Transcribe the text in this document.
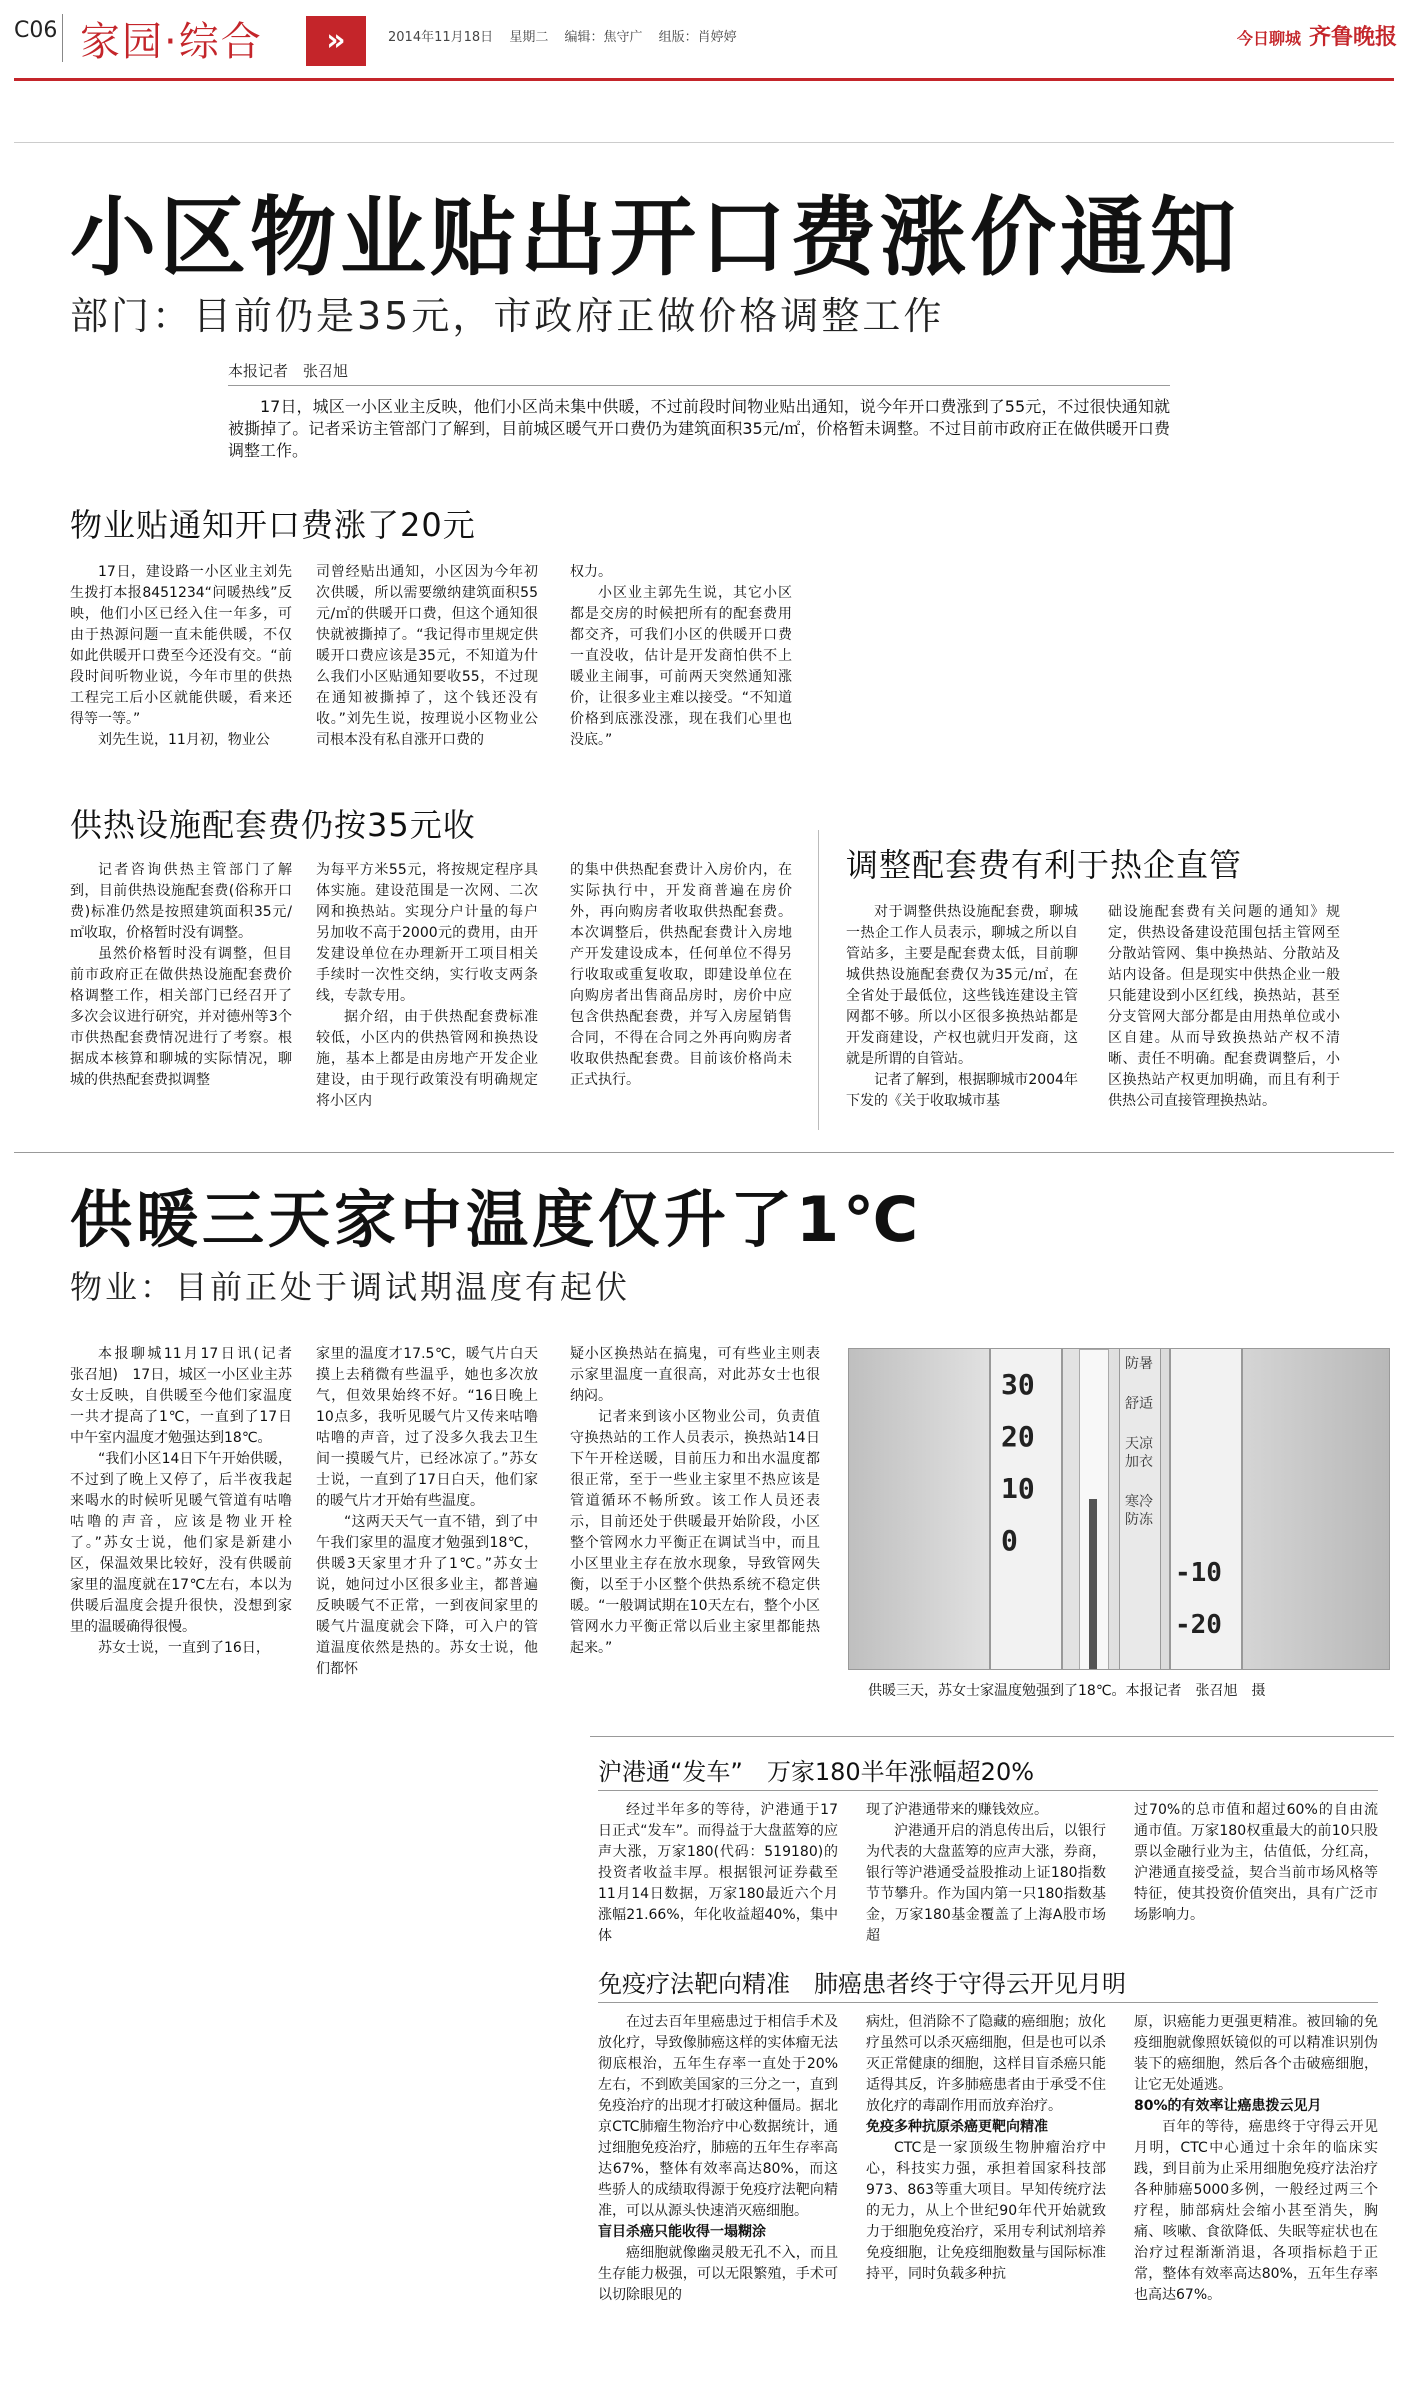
C06 家园·综合	»	2014年11月18日 星期二 编辑：焦守广 组版：肖婷婷	今日聊城 齐鲁晚报
小区物业贴出开口费涨价通知
部门：目前仍是35元，市政府正做价格调整工作
本报记者　张召旭
17日，城区一小区业主反映，他们小区尚未集中供暖，不过前段时间物业贴出通知，说今年开口费涨到了55元，不过很快通知就被撕掉了。记者采访主管部门了解到，目前城区暖气开口费仍为建筑面积35元/㎡，价格暂未调整。不过目前市政府正在做供暖开口费调整工作。
物业贴通知开口费涨了20元

17日，建设路一小区业主刘先生拨打本报8451234“问暖热线”反映，他们小区已经入住一年多，可由于热源问题一直未能供暖，不仅如此供暖开口费至今还没有交。“前段时间听物业说，今年市里的供热工程完工后小区就能供暖，看来还得等一等。”

刘先生说，11月初，物业公

司曾经贴出通知，小区因为今年初次供暖，所以需要缴纳建筑面积55元/㎡的供暖开口费，但这个通知很快就被撕掉了。“我记得市里规定供暖开口费应该是35元，不知道为什么我们小区贴通知要收55，不过现在通知被撕掉了，这个钱还没有收。”刘先生说，按理说小区物业公司根本没有私自涨开口费的

权力。

小区业主郭先生说，其它小区都是交房的时候把所有的配套费用都交齐，可我们小区的供暖开口费一直没收，估计是开发商怕供不上暖业主闹事，可前两天突然通知涨价，让很多业主难以接受。“不知道价格到底涨没涨，现在我们心里也没底。”

供热设施配套费仍按35元收

记者咨询供热主管部门了解到，目前供热设施配套费(俗称开口费)标准仍然是按照建筑面积35元/㎡收取，价格暂时没有调整。

虽然价格暂时没有调整，但目前市政府正在做供热设施配套费价格调整工作，相关部门已经召开了多次会议进行研究，并对德州等3个市供热配套费情况进行了考察。根据成本核算和聊城的实际情况，聊城的供热配套费拟调整

为每平方米55元，将按规定程序具体实施。建设范围是一次网、二次网和换热站。实现分户计量的每户另加收不高于2000元的费用，由开发建设单位在办理新开工项目相关手续时一次性交纳，实行收支两条线，专款专用。

据介绍，由于供热配套费标准较低，小区内的供热管网和换热设施，基本上都是由房地产开发企业建设，由于现行政策没有明确规定将小区内

的集中供热配套费计入房价内，在实际执行中，开发商普遍在房价外，再向购房者收取供热配套费。本次调整后，供热配套费计入房地产开发建设成本，任何单位不得另行收取或重复收取，即建设单位在向购房者出售商品房时，房价中应包含供热配套费，并写入房屋销售合同，不得在合同之外再向购房者收取供热配套费。目前该价格尚未正式执行。

调整配套费有利于热企直管

对于调整供热设施配套费，聊城一热企工作人员表示，聊城之所以自管站多，主要是配套费太低，目前聊城供热设施配套费仅为35元/㎡，在全省处于最低位，这些钱连建设主管网都不够。所以小区很多换热站都是开发商建设，产权也就归开发商，这就是所谓的自管站。

记者了解到，根据聊城市2004年下发的《关于收取城市基

础设施配套费有关问题的通知》规定，供热设备建设范围包括主管网至分散站管网、集中换热站、分散站及站内设备。但是现实中供热企业一般只能建设到小区红线，换热站，甚至分支管网大部分都是由用热单位或小区自建。从而导致换热站产权不清晰、责任不明确。配套费调整后，小区换热站产权更加明确，而且有利于供热公司直接管理换热站。

供暖三天家中温度仅升了1℃
物业：目前正处于调试期温度有起伏

本报聊城11月17日讯(记者　张召旭)　17日，城区一小区业主苏女士反映，自供暖至今他们家温度一共才提高了1℃，一直到了17日中午室内温度才勉强达到18℃。

“我们小区14日下午开始供暖，不过到了晚上又停了，后半夜我起来喝水的时候听见暖气管道有咕噜咕噜的声音，应该是物业开栓了。”苏女士说，他们家是新建小区，保温效果比较好，没有供暖前家里的温度就在17℃左右，本以为供暖后温度会提升很快，没想到家里的温暖确得很慢。

苏女士说，一直到了16日，

家里的温度才17.5℃，暖气片白天摸上去稍微有些温乎，她也多次放气，但效果始终不好。“16日晚上10点多，我听见暖气片又传来咕噜咕噜的声音，过了没多久我去卫生间一摸暖气片，已经冰凉了。”苏女士说，一直到了17日白天，他们家的暖气片才开始有些温度。

“这两天天气一直不错，到了中午我们家里的温度才勉强到18℃，供暖3天家里才升了1℃。”苏女士说，她问过小区很多业主，都普遍反映暖气不正常，一到夜间家里的暖气片温度就会下降，可入户的管道温度依然是热的。苏女士说，他们都怀

疑小区换热站在搞鬼，可有些业主则表示家里温度一直很高，对此苏女士也很纳闷。

记者来到该小区物业公司，负责值守换热站的工作人员表示，换热站14日下午开栓送暖，目前压力和出水温度都很正常，至于一些业主家里不热应该是管道循环不畅所致。该工作人员还表示，目前还处于供暖最开始阶段，小区整个管网水力平衡正在调试当中，而且小区里业主存在放水现象，导致管网失衡，以至于小区整个供热系统不稳定供暖。“一般调试期在10天左右，整个小区管网水力平衡正常以后业主家里都能热起来。”

30
20
10
0
防暑
舒适
天凉加衣
寒冷防冻
-10
-20
供暖三天，苏女士家温度勉强到了18℃。本报记者　张召旭　摄
沪港通“发车”　万家180半年涨幅超20%

经过半年多的等待，沪港通于17日正式“发车”。而得益于大盘蓝筹的应声大涨，万家180(代码：519180)的投资者收益丰厚。根据银河证券截至11月14日数据，万家180最近六个月涨幅21.66%，年化收益超40%，集中体

现了沪港通带来的赚钱效应。

沪港通开启的消息传出后，以银行为代表的大盘蓝筹的应声大涨，券商，银行等沪港通受益股推动上证180指数节节攀升。作为国内第一只180指数基金，万家180基金覆盖了上海A股市场超

过70%的总市值和超过60%的自由流通市值。万家180权重最大的前10只股票以金融行业为主，估值低，分红高，沪港通直接受益，契合当前市场风格等特征，使其投资价值突出，具有广泛市场影响力。

免疫疗法靶向精准　肺癌患者终于守得云开见月明

在过去百年里癌患过于相信手术及放化疗，导致像肺癌这样的实体瘤无法彻底根治，五年生存率一直处于20%左右，不到欧美国家的三分之一，直到免疫治疗的出现才打破这种僵局。据北京CTC肺瘤生物治疗中心数据统计，通过细胞免疫治疗，肺癌的五年生存率高达67%，整体有效率高达80%，而这些骄人的成绩取得源于免疫疗法靶向精准，可以从源头快速消灭癌细胞。

盲目杀癌只能收得一塌糊涂

癌细胞就像幽灵般无孔不入，而且生存能力极强，可以无限繁殖，手术可以切除眼见的

病灶，但消除不了隐藏的癌细胞；放化疗虽然可以杀灭癌细胞，但是也可以杀灭正常健康的细胞，这样目盲杀癌只能适得其反，许多肺癌患者由于承受不住放化疗的毒副作用而放弃治疗。

免疫多种抗原杀癌更靶向精准

CTC是一家顶级生物肿瘤治疗中心，科技实力强，承担着国家科技部973、863等重大项目。早知传统疗法的无力，从上个世纪90年代开始就致力于细胞免疫治疗，采用专利试剂培养免疫细胞，让免疫细胞数量与国际标准持平，同时负载多种抗

原，识癌能力更强更精准。被回输的免疫细胞就像照妖镜似的可以精准识别伪装下的癌细胞，然后各个击破癌细胞，让它无处遁逃。

80%的有效率让癌患拨云见月

百年的等待，癌患终于守得云开见月明，CTC中心通过十余年的临床实践，到目前为止采用细胞免疫疗法治疗各种肺癌5000多例，一般经过两三个疗程，肺部病灶会缩小甚至消失，胸痛、咳嗽、食欲降低、失眠等症状也在治疗过程渐渐消退，各项指标趋于正常，整体有效率高达80%，五年生存率也高达67%。
